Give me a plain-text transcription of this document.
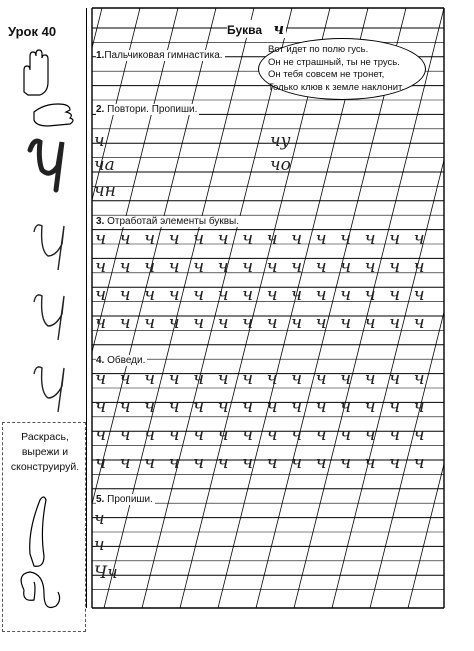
Урок 40
Раскрась, вырежи и сконструируй.
ч
ча
чн
чу
чо
ч ч ч ч ч ч ч ч ч ч ч ч ч ч
ч ч ч ч ч ч ч ч ч ч ч ч ч ч
ч ч ч ч ч ч ч ч ч ч ч ч ч ч
ч ч ч ч ч ч ч ч ч ч ч ч ч ч
ч ч ч ч ч ч ч ч ч ч ч ч ч ч
ч ч ч ч ч ч ч ч ч ч ч ч ч ч
ч ч ч ч ч ч ч ч ч ч ч ч ч ч
ч ч ч ч ч ч ч ч ч ч ч ч ч ч
ч
ч
Чч
Буква ч
1.Пальчиковая гимнастика.
2. Повтори. Пропиши.
3. Отработай элементы буквы.
4. Обведи.
5. Пропиши.
Вот идет по полю гусь.
Он не страшный, ты не трусь.
Он тебя совсем не тронет,
Только клюв к земле наклонит.
